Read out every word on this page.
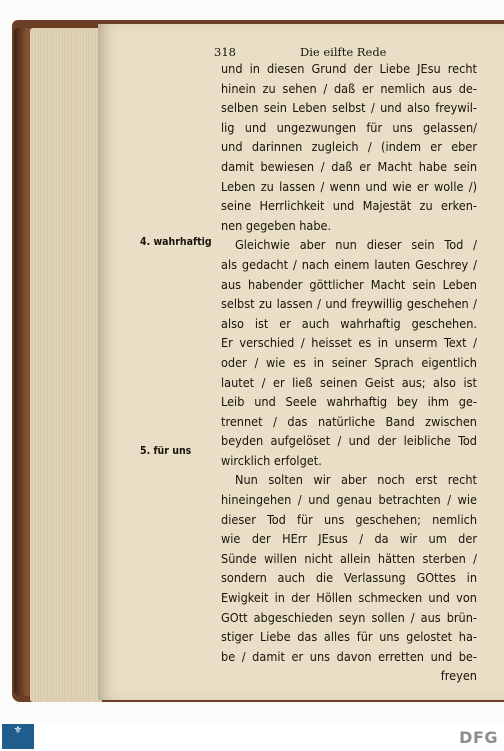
318	Die eilfte Rede
4. wahrhaftig
5. für uns
und in diesen Grund der Liebe JEsu recht
hinein zu sehen / daß er nemlich aus de-
selben sein Leben selbst / und also freywil-
lig und ungezwungen für uns gelassen/
und darinnen zugleich / (indem er eber
damit bewiesen / daß er Macht habe sein
Leben zu lassen / wenn und wie er wolle /)
seine Herrlichkeit und Majestät zu erken-
nen gegeben habe.
Gleichwie aber nun dieser sein Tod /
als gedacht / nach einem lauten Geschrey /
aus habender göttlicher Macht sein Leben
selbst zu lassen / und freywillig geschehen /
also ist er auch wahrhaftig geschehen.
Er verschied / heisset es in unserm Text /
oder / wie es in seiner Sprach eigentlich
lautet / er ließ seinen Geist aus; also ist
Leib und Seele wahrhaftig bey ihm ge-
trennet / das natürliche Band zwischen
beyden aufgelöset / und der leibliche Tod
wircklich erfolget.
Nun solten wir aber noch erst recht
hineingehen / und genau betrachten / wie
dieser Tod für uns geschehen; nemlich
wie der HErr JEsus / da wir um der
Sünde willen nicht allein hätten sterben /
sondern auch die Verlassung GOttes in
Ewigkeit in der Höllen schmecken und von
GOtt abgeschieden seyn sollen / aus brün-
stiger Liebe das alles für uns gelostet ha-
be / damit er uns davon erretten und be-
freyen
⚜	DFG
